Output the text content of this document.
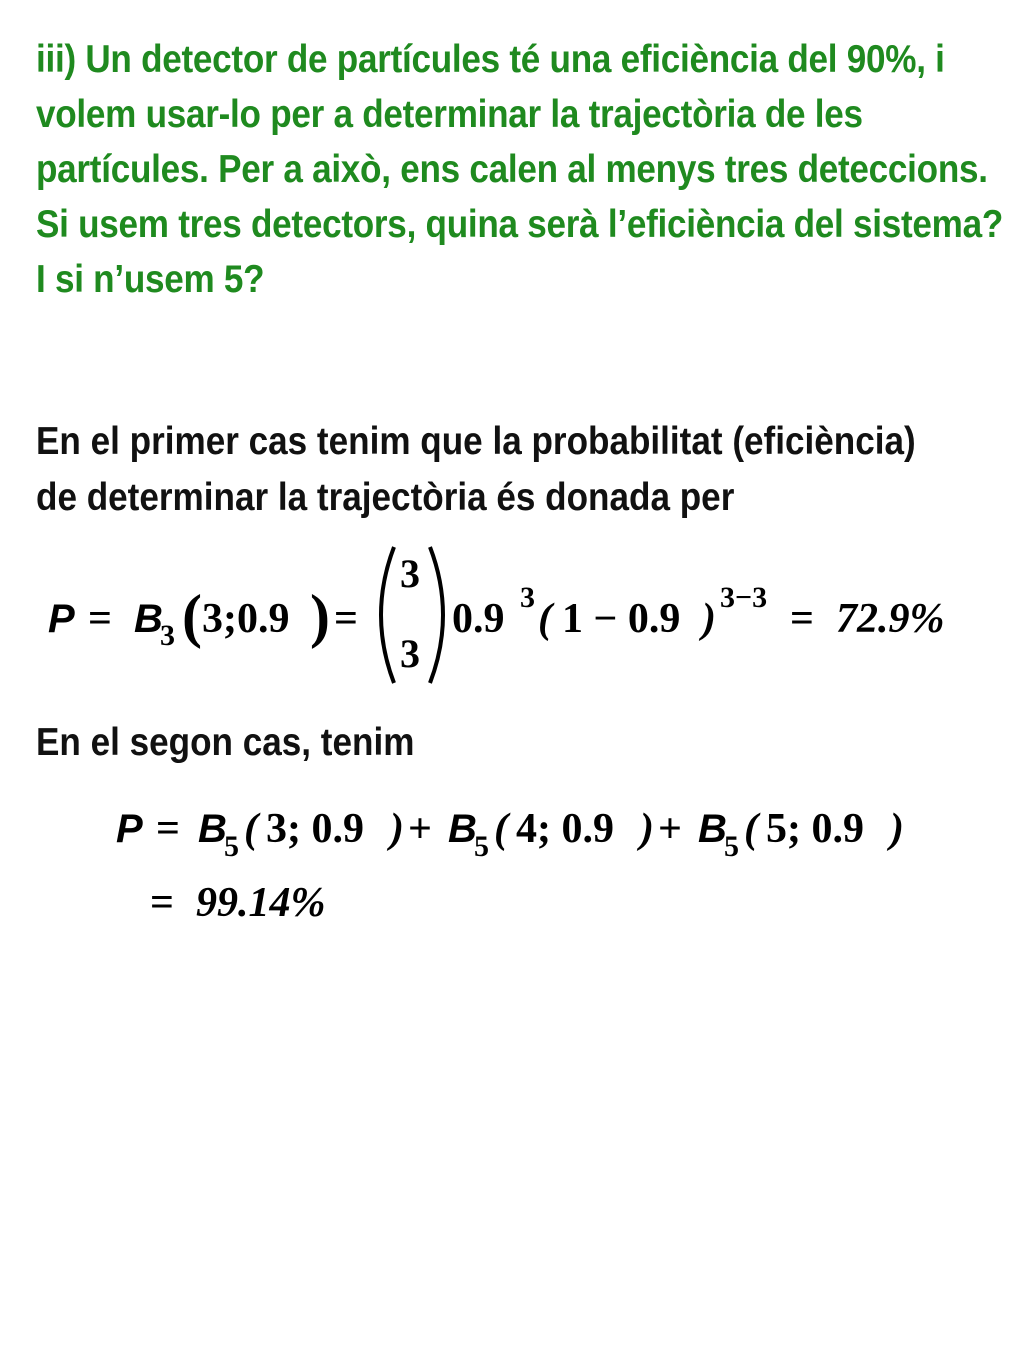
iii) Un detector de partícules té una eficiència del 90%, i volem usar-lo per a determinar la trajectòria de les partícules. Per a això, ens calen al menys tres deteccions. Si usem tres detectors, quina serà l’eficiència del sistema? I si n’usem 5?
En el primer cas tenim que la probabilitat (eficiència)
de determinar la trajectòria és donada per
P = B
3 ( 3;0.9 ) =
3
3
0.9 3 ( 1 − 0.9 ) 3−3 = 72.9%
En el segon cas, tenim
P = B
5 ( 3; 0.9 ) + B
5 ( 4; 0.9 ) + B
5 ( 5; 0.9 )
= 99.14%
